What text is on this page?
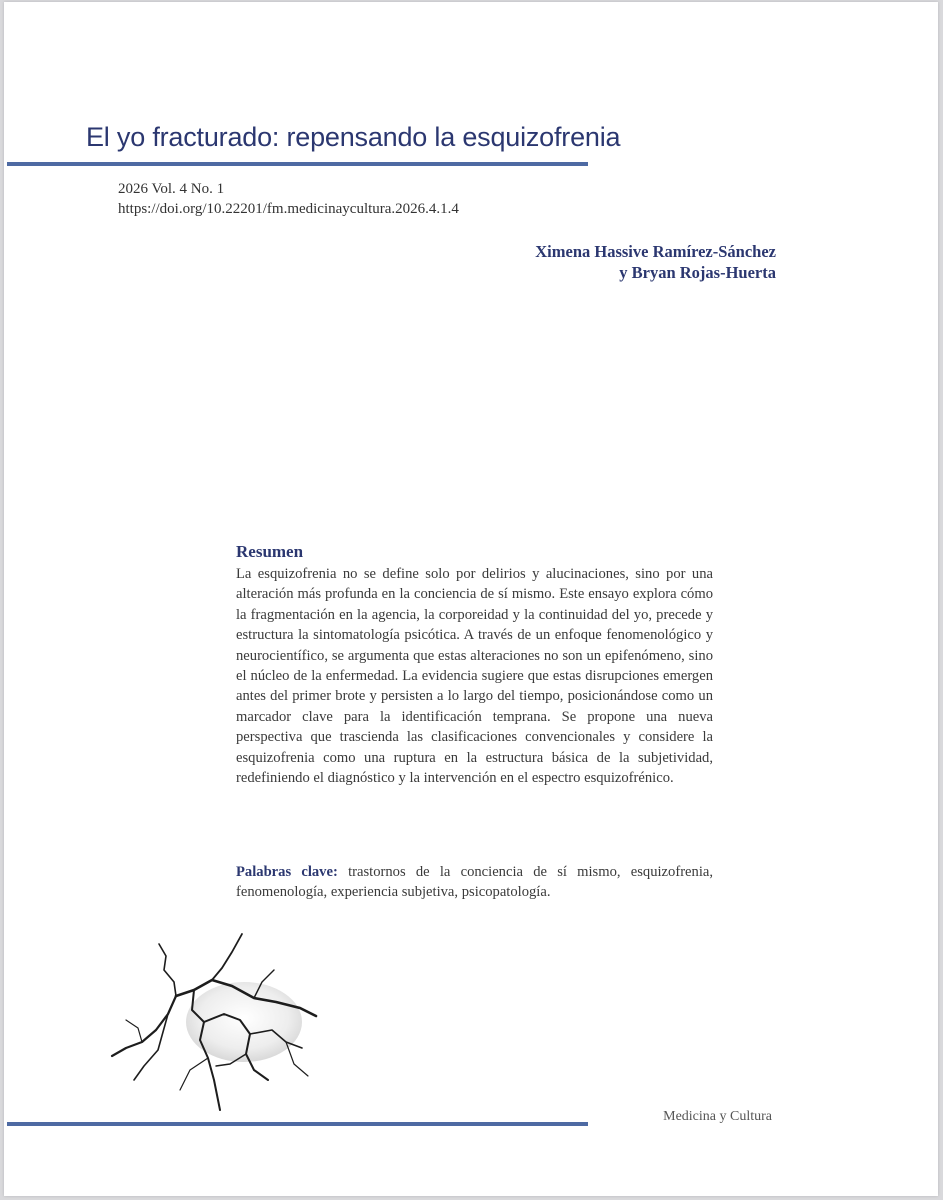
El yo fracturado: repensando la esquizofrenia
2026 Vol. 4 No. 1
https://doi.org/10.22201/fm.medicinaycultura.2026.4.1.4
Ximena Hassive Ramírez-Sánchez
y Bryan Rojas-Huerta
Resumen

La esquizofrenia no se define solo por delirios y alucinaciones, sino por una alteración más profunda en la conciencia de sí mismo. Este ensayo explora cómo la fragmentación en la agencia, la corporeidad y la continuidad del yo, precede y estructura la sintomatología psicótica. A través de un enfoque fenomenológico y neurocientífico, se argumenta que estas alteraciones no son un epifenómeno, sino el núcleo de la enfermedad. La evidencia sugiere que estas disrupciones emergen antes del primer brote y persisten a lo largo del tiempo, posicionándose como un marcador clave para la identificación temprana. Se propone una nueva perspectiva que trascienda las clasificaciones convencionales y considere la esquizofrenia como una ruptura en la estructura básica de la subjetividad, redefiniendo el diagnóstico y la intervención en el espectro esquizofrénico.

Palabras clave: trastornos de la conciencia de sí mismo, esquizofrenia, fenomenología, experiencia subjetiva, psicopatología.
Medicina y Cultura
